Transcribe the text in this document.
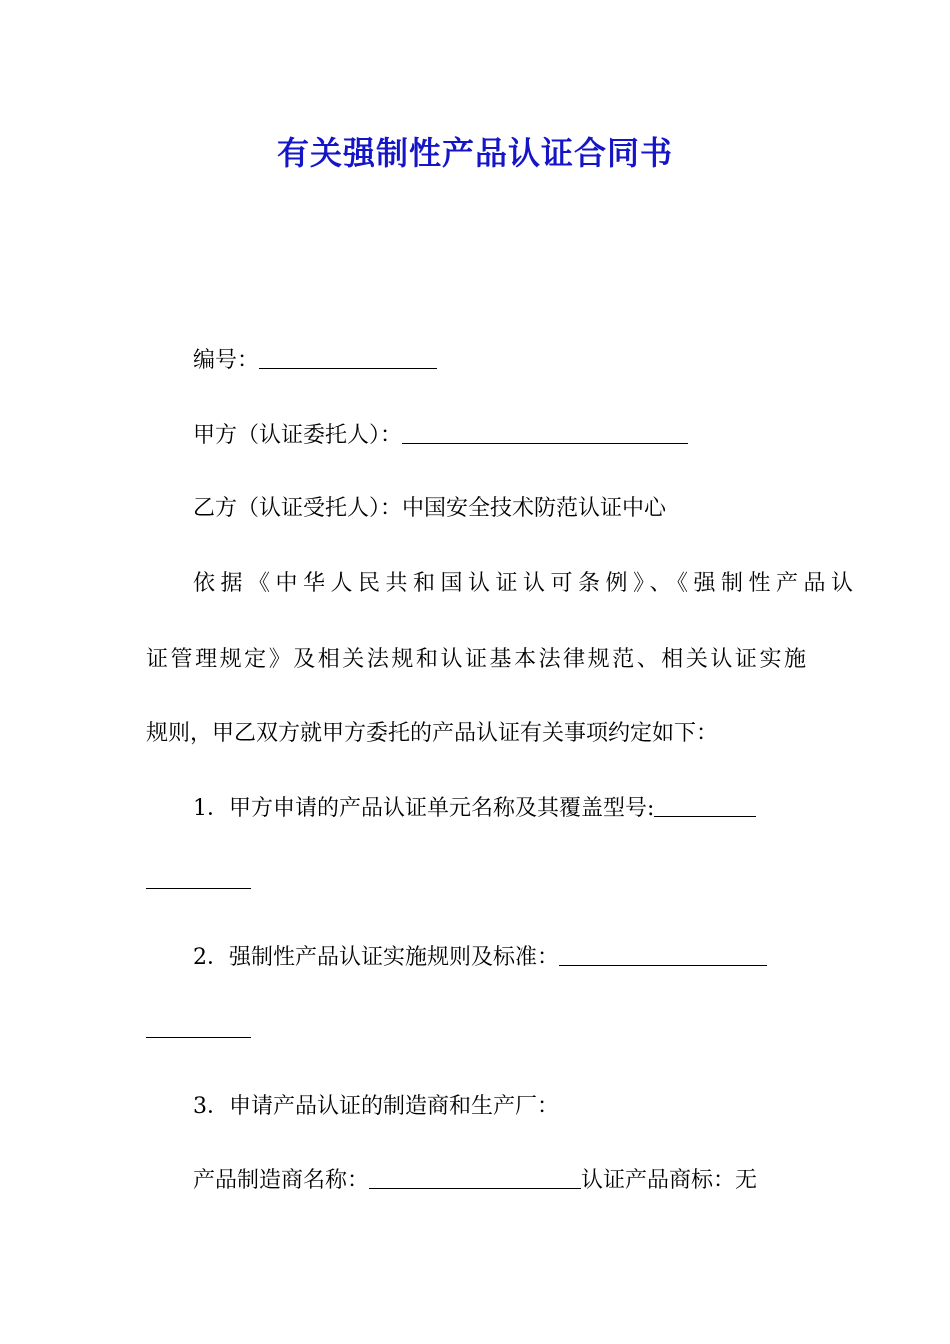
有关强制性产品认证合同书
编号：
甲方（认证委托人）：
乙方（认证受托人）：中国安全技术防范认证中心
依据《中华人民共和国认证认可条例》、《强制性产品认
证管理规定》及相关法规和认证基本法律规范、相关认证实施
规则，甲乙双方就甲方委托的产品认证有关事项约定如下：
1．甲方申请的产品认证单元名称及其覆盖型号:
2．强制性产品认证实施规则及标准：
3．申请产品认证的制造商和生产厂：
产品制造商名称：	认证产品商标：无
